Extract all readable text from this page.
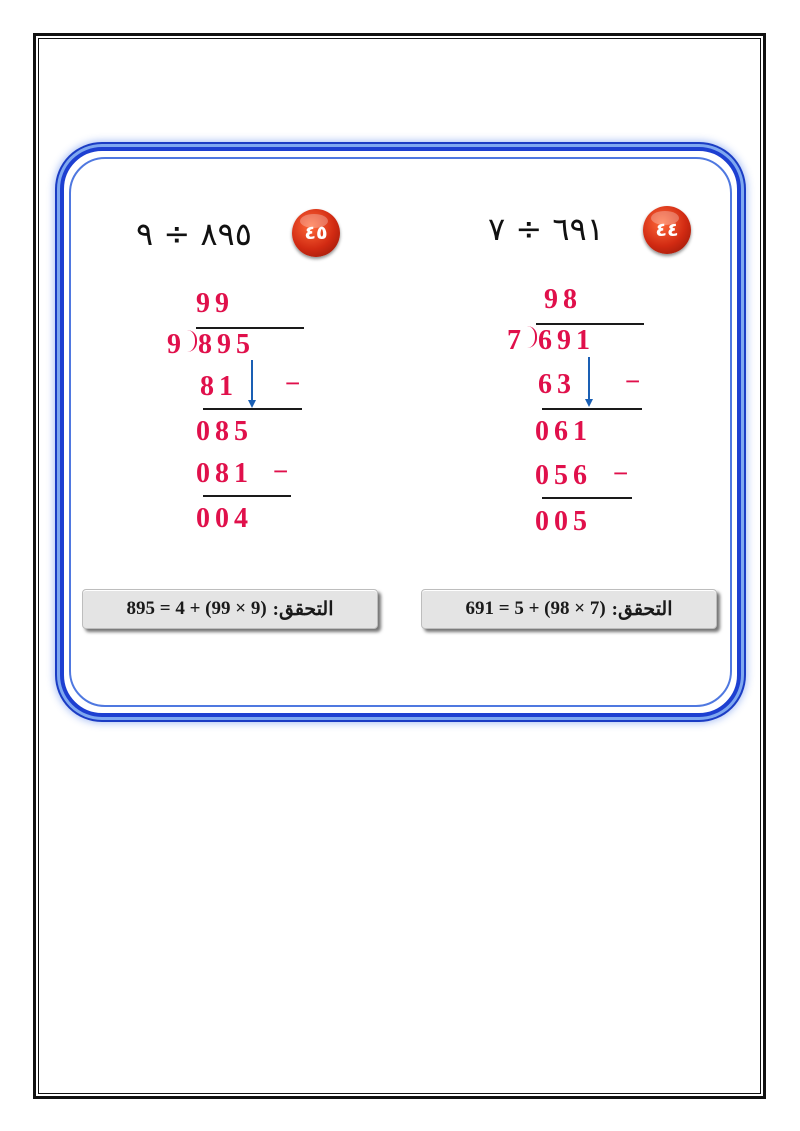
٤٤
٦٩١ ÷ ٧
98
7 691
63 −
061
056 −
005
التحقق:
(7 × 98) + 5 = 691
٤٥
٨٩٥ ÷ ٩
99
9 895
81 −
085
081 −
004
التحقق:
(9 × 99) + 4 = 895
